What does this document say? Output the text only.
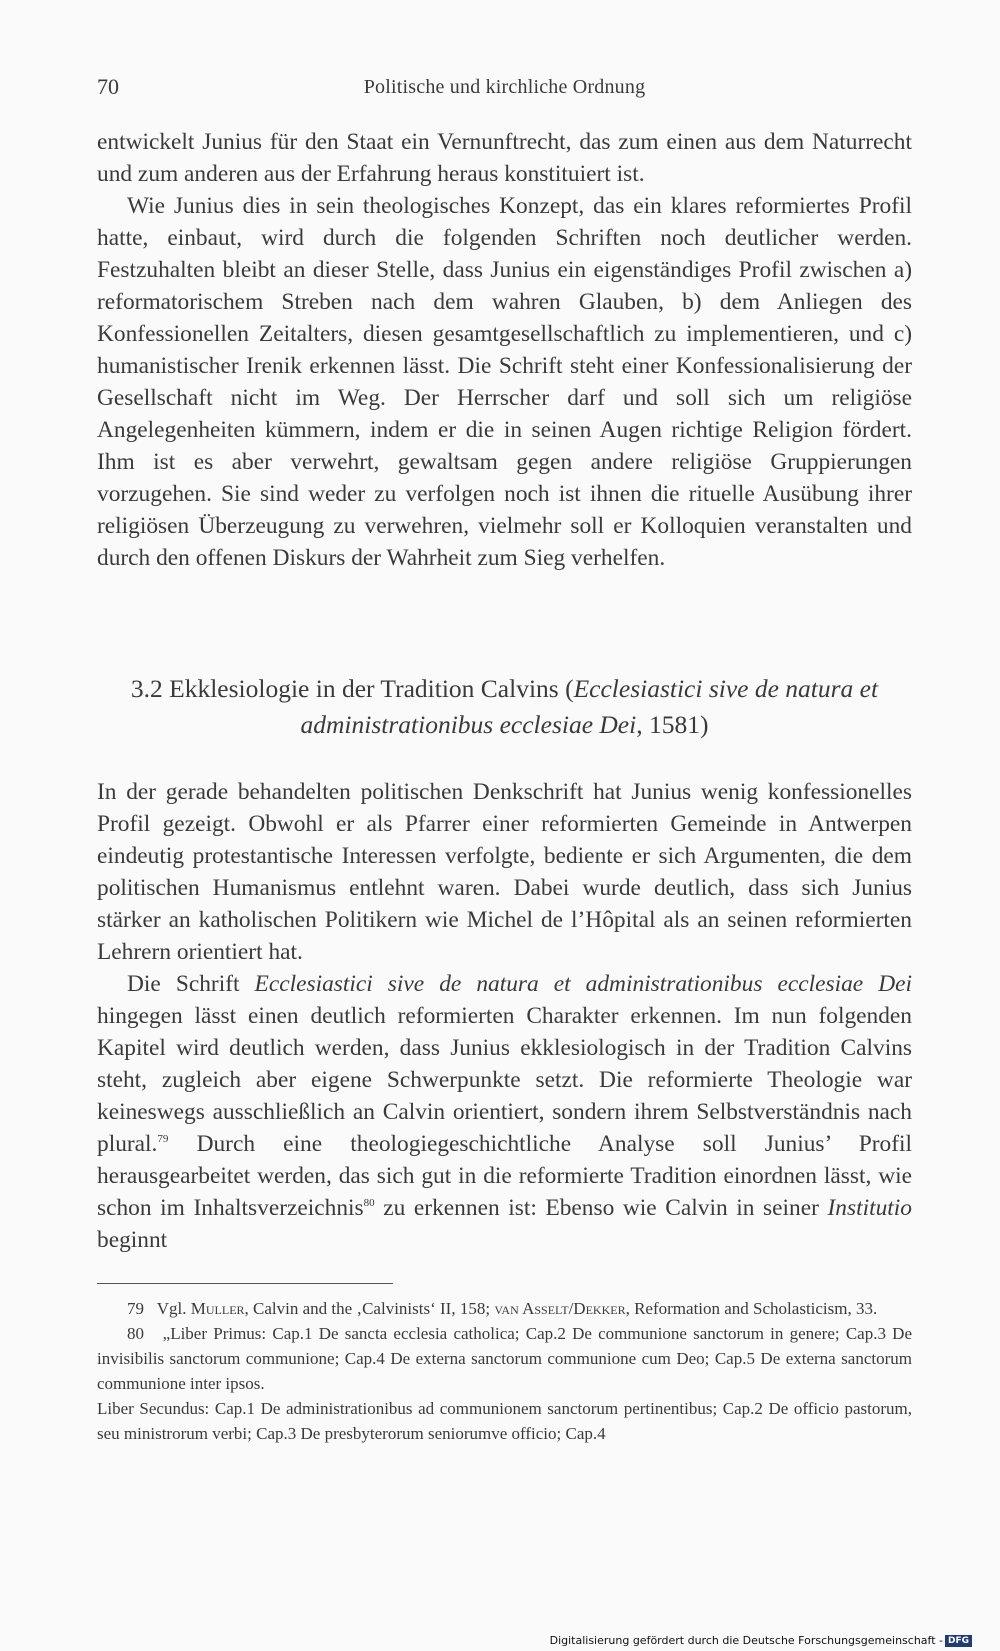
70	Politische und kirchliche Ordnung

entwickelt Junius für den Staat ein Vernunftrecht, das zum einen aus dem Naturrecht und zum anderen aus der Erfahrung heraus konstituiert ist.

Wie Junius dies in sein theologisches Konzept, das ein klares reformiertes Profil hatte, einbaut, wird durch die folgenden Schriften noch deutlicher werden. Festzuhalten bleibt an dieser Stelle, dass Junius ein eigenständiges Profil zwischen a) reformatorischem Streben nach dem wahren Glauben, b) dem Anliegen des Konfessionellen Zeitalters, diesen gesamtgesellschaftlich zu implementieren, und c) humanistischer Irenik erkennen lässt. Die Schrift steht einer Konfessionalisierung der Gesellschaft nicht im Weg. Der Herrscher darf und soll sich um religiöse Angelegenheiten kümmern, indem er die in seinen Augen richtige Religion fördert. Ihm ist es aber verwehrt, gewaltsam gegen andere religiöse Gruppierungen vorzugehen. Sie sind weder zu verfolgen noch ist ihnen die rituelle Ausübung ihrer religiösen Überzeugung zu verwehren, vielmehr soll er Kolloquien veranstalten und durch den offenen Diskurs der Wahrheit zum Sieg verhelfen.

3.2 Ekklesiologie in der Tradition Calvins (Ecclesiastici sive de natura et administrationibus ecclesiae Dei, 1581)

In der gerade behandelten politischen Denkschrift hat Junius wenig konfessionelles Profil gezeigt. Obwohl er als Pfarrer einer reformierten Gemeinde in Antwerpen eindeutig protestantische Interessen verfolgte, bediente er sich Argumenten, die dem politischen Humanismus entlehnt waren. Dabei wurde deutlich, dass sich Junius stärker an katholischen Politikern wie Michel de l’Hôpital als an seinen reformierten Lehrern orientiert hat.

Die Schrift Ecclesiastici sive de natura et administrationibus ecclesiae Dei hingegen lässt einen deutlich reformierten Charakter erkennen. Im nun folgenden Kapitel wird deutlich werden, dass Junius ekklesiologisch in der Tradition Calvins steht, zugleich aber eigene Schwerpunkte setzt. Die reformierte Theologie war keineswegs ausschließlich an Calvin orientiert, sondern ihrem Selbstverständnis nach plural.$^{79}$ Durch eine theologiegeschichtliche Analyse soll Junius’ Profil herausgearbeitet werden, das sich gut in die reformierte Tradition einordnen lässt, wie schon im Inhaltsverzeichnis$^{80}$ zu erkennen ist: Ebenso wie Calvin in seiner Institutio beginnt

79 Vgl. Muller, Calvin and the ‚Calvinists‘ II, 158; van Asselt/Dekker, Reformation and Scholasticism, 33.

80 „Liber Primus: Cap.1 De sancta ecclesia catholica; Cap.2 De communione sanctorum in genere; Cap.3 De invisibilis sanctorum communione; Cap.4 De externa sanctorum communione cum Deo; Cap.5 De externa sanctorum communione inter ipsos.

Liber Secundus: Cap.1 De administrationibus ad communionem sanctorum pertinentibus; Cap.2 De officio pastorum, seu ministrorum verbi; Cap.3 De presbyterorum seniorumve officio; Cap.4

Digitalisierung gefördert durch die Deutsche Forschungsgemeinschaft - DFG
